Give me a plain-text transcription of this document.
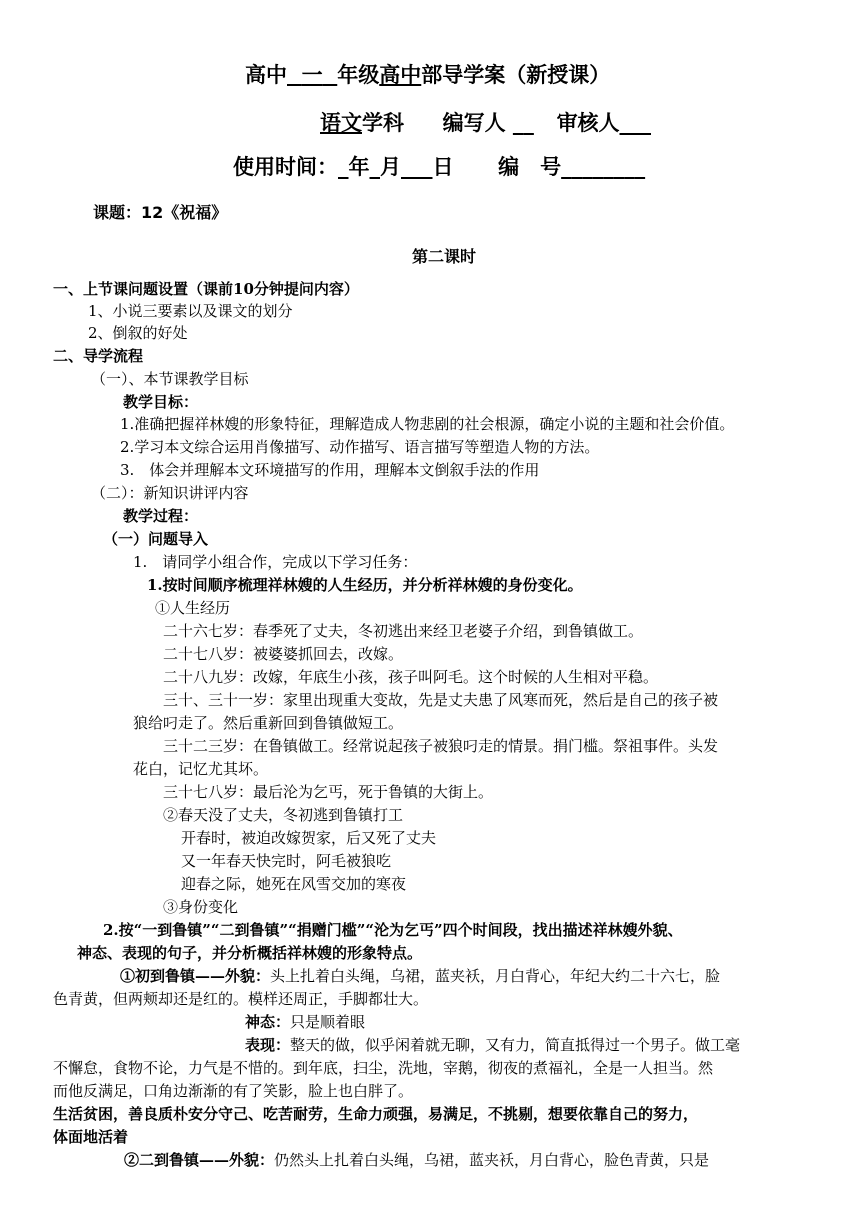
高中 一 年级高中部导学案（新授课）
语文学科 编写人 __ 审核人___
使用时间：_年_月___日 编　号________
课题：12《祝福》
第二课时
一、上节课问题设置（课前10分钟提问内容）
1、小说三要素以及课文的划分
2、倒叙的好处
二、导学流程
（一）、本节课教学目标
教学目标：
1.准确把握祥林嫂的形象特征，理解造成人物悲剧的社会根源，确定小说的主题和社会价值。
2.学习本文综合运用肖像描写、动作描写、语言描写等塑造人物的方法。
3.　体会并理解本文环境描写的作用，理解本文倒叙手法的作用
（二）：新知识讲评内容
教学过程：
（一）问题导入
1.　请同学小组合作，完成以下学习任务：
1.按时间顺序梳理祥林嫂的人生经历，并分析祥林嫂的身份变化。
①人生经历
二十六七岁：春季死了丈夫，冬初逃出来经卫老婆子介绍，到鲁镇做工。
二十七八岁：被婆婆抓回去，改嫁。
二十八九岁：改嫁，年底生小孩，孩子叫阿毛。这个时候的人生相对平稳。
三十、三十一岁：家里出现重大变故，先是丈夫患了风寒而死，然后是自己的孩子被
狼给叼走了。然后重新回到鲁镇做短工。
三十二三岁：在鲁镇做工。经常说起孩子被狼叼走的情景。捐门槛。祭祖事件。头发
花白，记忆尤其坏。
三十七八岁：最后沦为乞丐，死于鲁镇的大街上。
②春天没了丈夫，冬初逃到鲁镇打工
开春时，被迫改嫁贺家，后又死了丈夫
又一年春天快完时，阿毛被狼吃
迎春之际，她死在风雪交加的寒夜
③身份变化
2.按“一到鲁镇”“二到鲁镇”“捐赠门槛”“沦为乞丐”四个时间段，找出描述祥林嫂外貌、
神态、表现的句子，并分析概括祥林嫂的形象特点。
①初到鲁镇——外貌：头上扎着白头绳，乌裙，蓝夹袄，月白背心，年纪大约二十六七，脸
色青黄，但两颊却还是红的。模样还周正，手脚都壮大。
神态：只是顺着眼
表现：整天的做，似乎闲着就无聊，又有力，简直抵得过一个男子。做工毫
不懈怠，食物不论，力气是不惜的。到年底，扫尘，洗地，宰鹅，彻夜的煮福礼，全是一人担当。然
而他反满足，口角边渐渐的有了笑影，脸上也白胖了。
生活贫困，善良质朴安分守己、吃苦耐劳，生命力顽强，易满足，不挑剔，想要依靠自己的努力，
体面地活着
②二到鲁镇——外貌：仍然头上扎着白头绳，乌裙，蓝夹袄，月白背心，脸色青黄，只是
